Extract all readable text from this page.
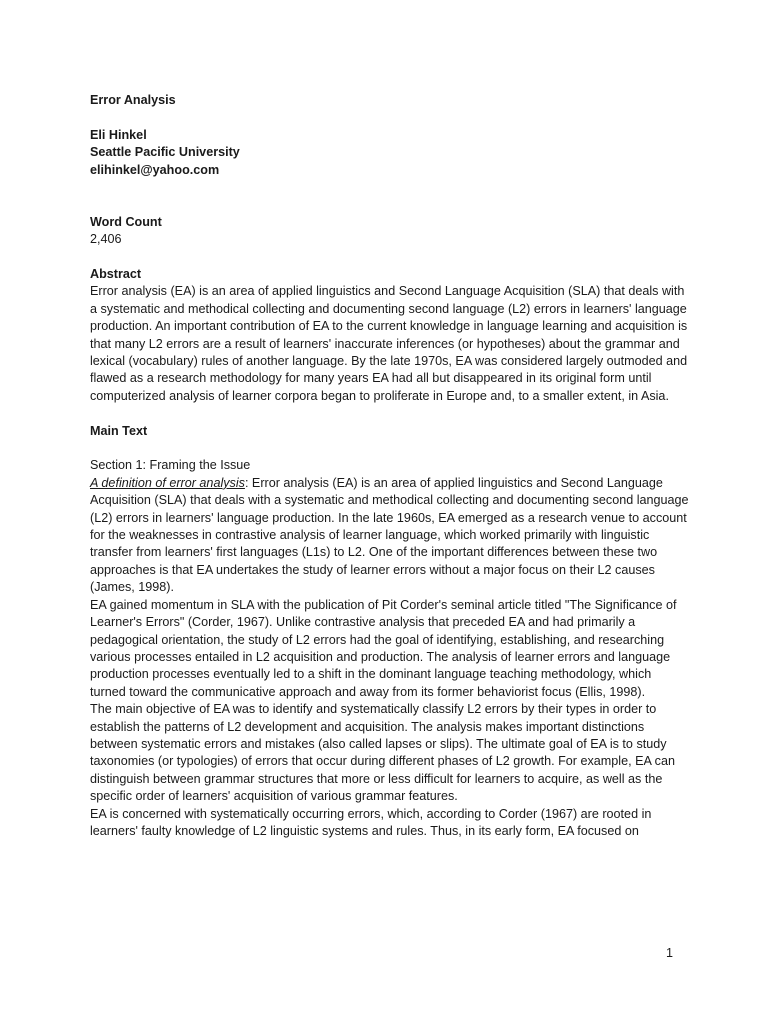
Error Analysis

Eli Hinkel

Seattle Pacific University

elihinkel@yahoo.com

Word Count

2,406

Abstract

Error analysis (EA) is an area of applied linguistics and Second Language Acquisition (SLA) that deals with a systematic and methodical collecting and documenting second language (L2) errors in learners' language production. An important contribution of EA to the current knowledge in language learning and acquisition is that many L2 errors are a result of learners' inaccurate inferences (or hypotheses) about the grammar and lexical (vocabulary) rules of another language. By the late 1970s, EA was considered largely outmoded and flawed as a research methodology for many years EA had all but disappeared in its original form until computerized analysis of learner corpora began to proliferate in Europe and, to a smaller extent, in Asia.

Main Text

Section 1: Framing the Issue

A definition of error analysis: Error analysis (EA) is an area of applied linguistics and Second Language Acquisition (SLA) that deals with a systematic and methodical collecting and documenting second language (L2) errors in learners' language production. In the late 1960s, EA emerged as a research venue to account for the weaknesses in contrastive analysis of learner language, which worked primarily with linguistic transfer from learners' first languages (L1s) to L2. One of the important differences between these two approaches is that EA undertakes the study of learner errors without a major focus on their L2 causes (James, 1998).

EA gained momentum in SLA with the publication of Pit Corder's seminal article titled "The Significance of Learner's Errors" (Corder, 1967). Unlike contrastive analysis that preceded EA and had primarily a pedagogical orientation, the study of L2 errors had the goal of identifying, establishing, and researching various processes entailed in L2 acquisition and production. The analysis of learner errors and language production processes eventually led to a shift in the dominant language teaching methodology, which turned toward the communicative approach and away from its former behaviorist focus (Ellis, 1998).

The main objective of EA was to identify and systematically classify L2 errors by their types in order to establish the patterns of L2 development and acquisition. The analysis makes important distinctions between systematic errors and mistakes (also called lapses or slips). The ultimate goal of EA is to study taxonomies (or typologies) of errors that occur during different phases of L2 growth. For example, EA can distinguish between grammar structures that more or less difficult for learners to acquire, as well as the specific order of learners' acquisition of various grammar features.

EA is concerned with systematically occurring errors, which, according to Corder (1967) are rooted in learners' faulty knowledge of L2 linguistic systems and rules. Thus, in its early form, EA focused on

1
